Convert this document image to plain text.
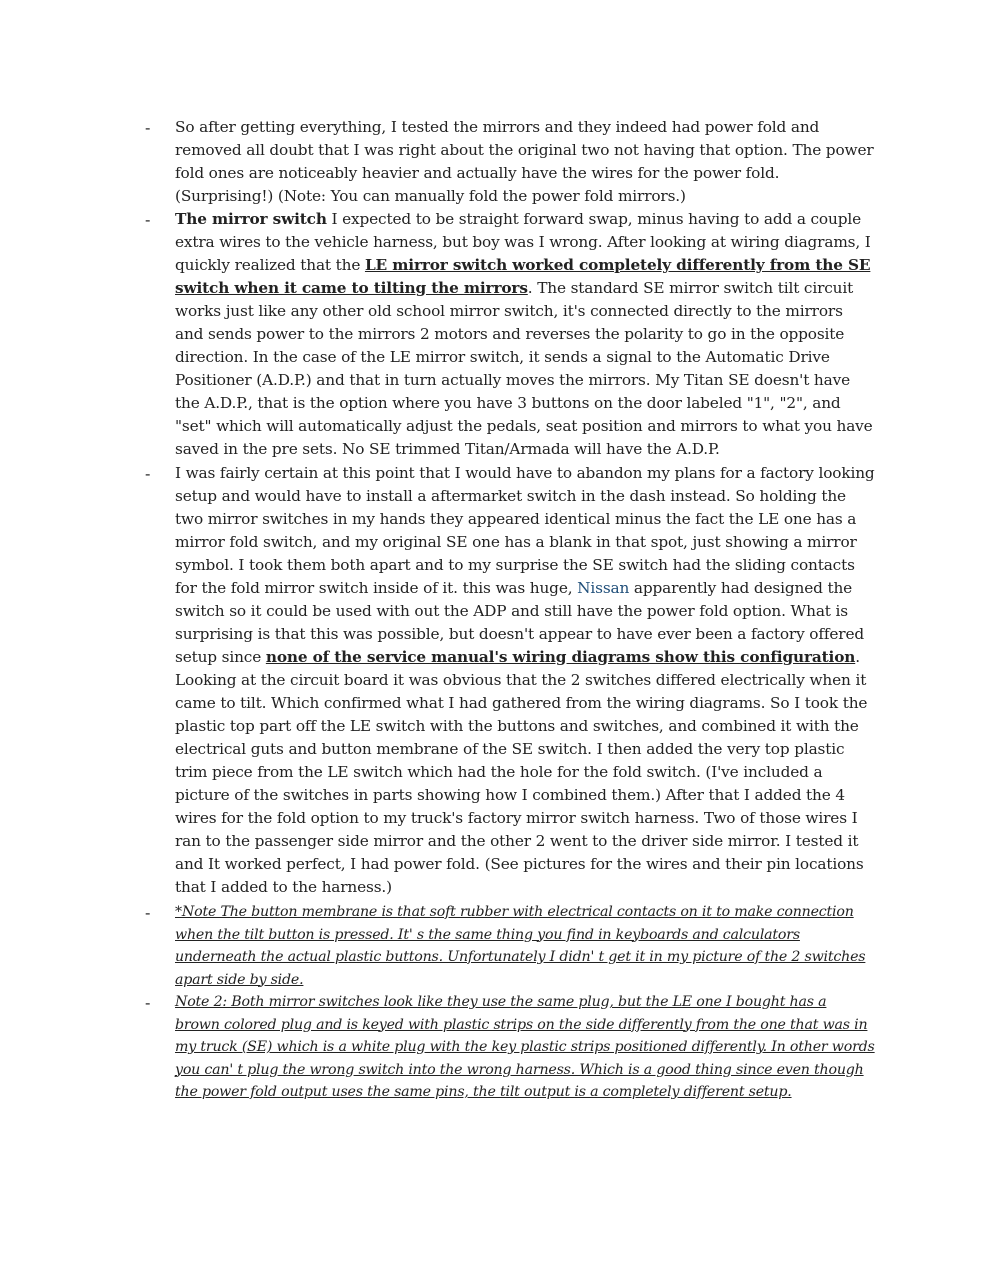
- So after getting everything, I tested the mirrors and they indeed had power fold and removed all doubt that I was right about the original two not having that option. The power fold ones are noticeably heavier and actually have the wires for the power fold. (Surprising!) (Note: You can manually fold the power fold mirrors.)
- The mirror switch I expected to be straight forward swap, minus having to add a couple extra wires to the vehicle harness, but boy was I wrong. After looking at wiring diagrams, I quickly realized that the LE mirror switch worked completely differently from the SE switch when it came to tilting the mirrors. The standard SE mirror switch tilt circuit works just like any other old school mirror switch, it's connected directly to the mirrors and sends power to the mirrors 2 motors and reverses the polarity to go in the opposite direction. In the case of the LE mirror switch, it sends a signal to the Automatic Drive Positioner (A.D.P.) and that in turn actually moves the mirrors. My Titan SE doesn't have the A.D.P., that is the option where you have 3 buttons on the door labeled "1", "2", and "set" which will automatically adjust the pedals, seat position and mirrors to what you have saved in the pre sets. No SE trimmed Titan/Armada will have the A.D.P.
- I was fairly certain at this point that I would have to abandon my plans for a factory looking setup and would have to install a aftermarket switch in the dash instead. So holding the two mirror switches in my hands they appeared identical minus the fact the LE one has a mirror fold switch, and my original SE one has a blank in that spot, just showing a mirror symbol. I took them both apart and to my surprise the SE switch had the sliding contacts for the fold mirror switch inside of it. this was huge, Nissan apparently had designed the switch so it could be used with out the ADP and still have the power fold option. What is surprising is that this was possible, but doesn't appear to have ever been a factory offered setup since none of the service manual's wiring diagrams show this configuration. Looking at the circuit board it was obvious that the 2 switches differed electrically when it came to tilt. Which confirmed what I had gathered from the wiring diagrams. So I took the plastic top part off the LE switch with the buttons and switches, and combined it with the electrical guts and button membrane of the SE switch. I then added the very top plastic trim piece from the LE switch which had the hole for the fold switch. (I've included a picture of the switches in parts showing how I combined them.) After that I added the 4 wires for the fold option to my truck's factory mirror switch harness. Two of those wires I ran to the passenger side mirror and the other 2 went to the driver side mirror. I tested it and It worked perfect, I had power fold. (See pictures for the wires and their pin locations that I added to the harness.)
- *Note The button membrane is that soft rubber with electrical contacts on it to make connection when the tilt button is pressed. It' s the same thing you find in keyboards and calculators underneath the actual plastic buttons. Unfortunately I didn' t get it in my picture of the 2 switches apart side by side.
- Note 2: Both mirror switches look like they use the same plug, but the LE one I bought has a brown colored plug and is keyed with plastic strips on the side differently from the one that was in my truck (SE) which is a white plug with the key plastic strips positioned differently. In other words you can' t plug the wrong switch into the wrong harness. Which is a good thing since even though the power fold output uses the same pins, the tilt output is a completely different setup.
